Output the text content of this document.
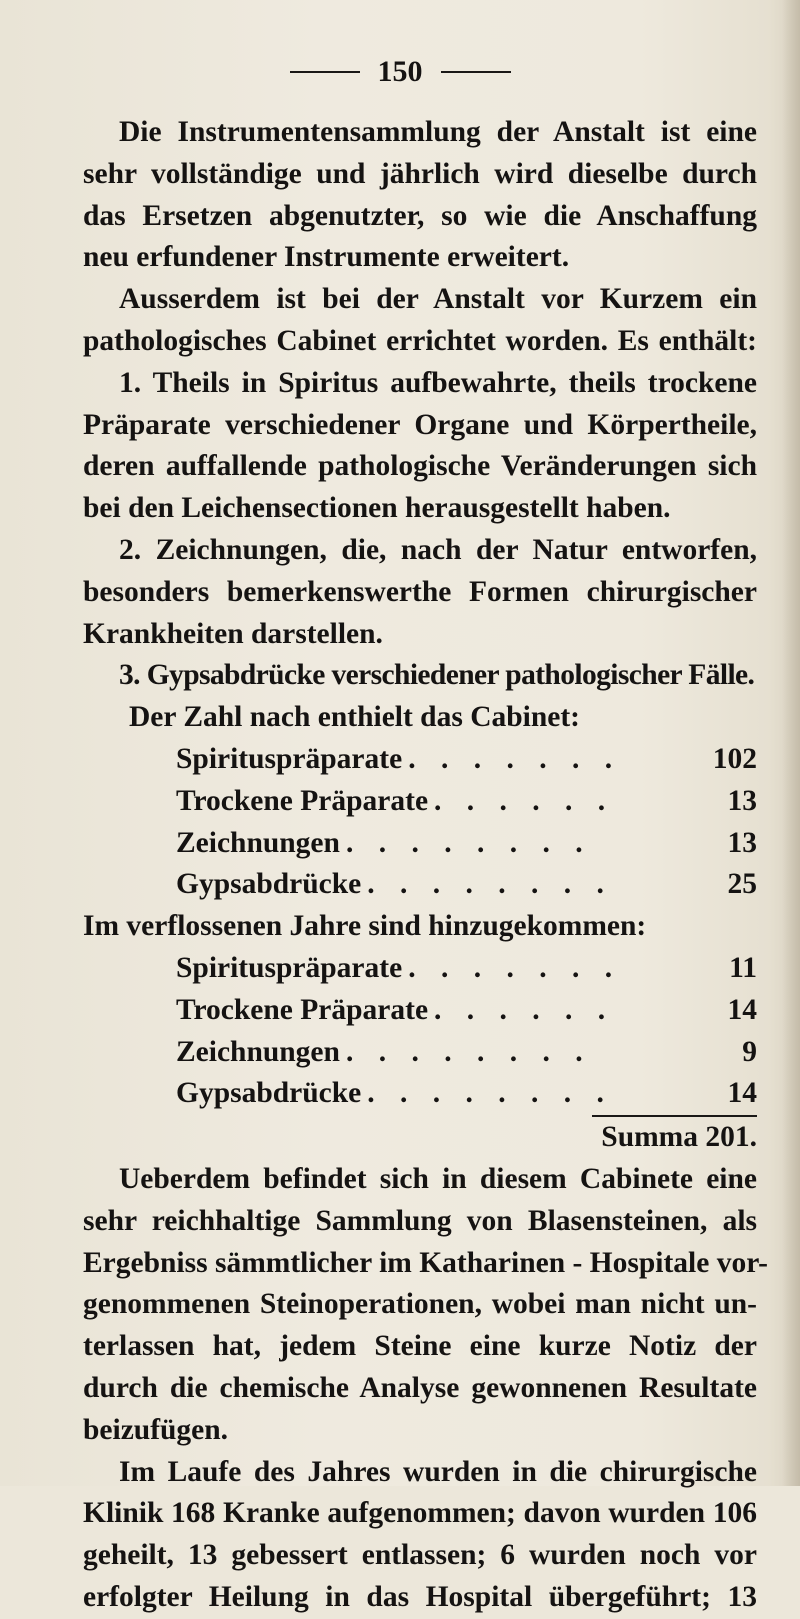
150
Die Instrumentensammlung der Anstalt ist eine
sehr vollständige und jährlich wird dieselbe durch
das Ersetzen abgenutzter, so wie die Anschaffung
neu erfundener Instrumente erweitert.
Ausserdem ist bei der Anstalt vor Kurzem ein
pathologisches Cabinet errichtet worden. Es enthält:
1. Theils in Spiritus aufbewahrte, theils trockene
Präparate verschiedener Organe und Körpertheile,
deren auffallende pathologische Veränderungen sich
bei den Leichensectionen herausgestellt haben.
2. Zeichnungen, die, nach der Natur entworfen,
besonders bemerkenswerthe Formen chirurgischer
Krankheiten darstellen.
3. Gypsabdrücke verschiedener pathologischer Fälle.
Der Zahl nach enthielt das Cabinet:
Spirituspräparate . . . . . . .	102
Trockene Präparate . . . . . .	13
Zeichnungen . . . . . . . .	13
Gypsabdrücke . . . . . . . .	25
Im verflossenen Jahre sind hinzugekommen:
Spirituspräparate . . . . . . .	11
Trockene Präparate . . . . . .	14
Zeichnungen . . . . . . . .	9
Gypsabdrücke . . . . . . . .	14
Summa 201.
Ueberdem befindet sich in diesem Cabinete eine
sehr reichhaltige Sammlung von Blasensteinen, als
Ergebniss sämmtlicher im Katharinen - Hospitale vor-
genommenen Steinoperationen, wobei man nicht un-
terlassen hat, jedem Steine eine kurze Notiz der
durch die chemische Analyse gewonnenen Resultate
beizufügen.
Im Laufe des Jahres wurden in die chirurgische
Klinik 168 Kranke aufgenommen; davon wurden 106
geheilt, 13 gebessert entlassen; 6 wurden noch vor
erfolgter Heilung in das Hospital übergeführt; 13
